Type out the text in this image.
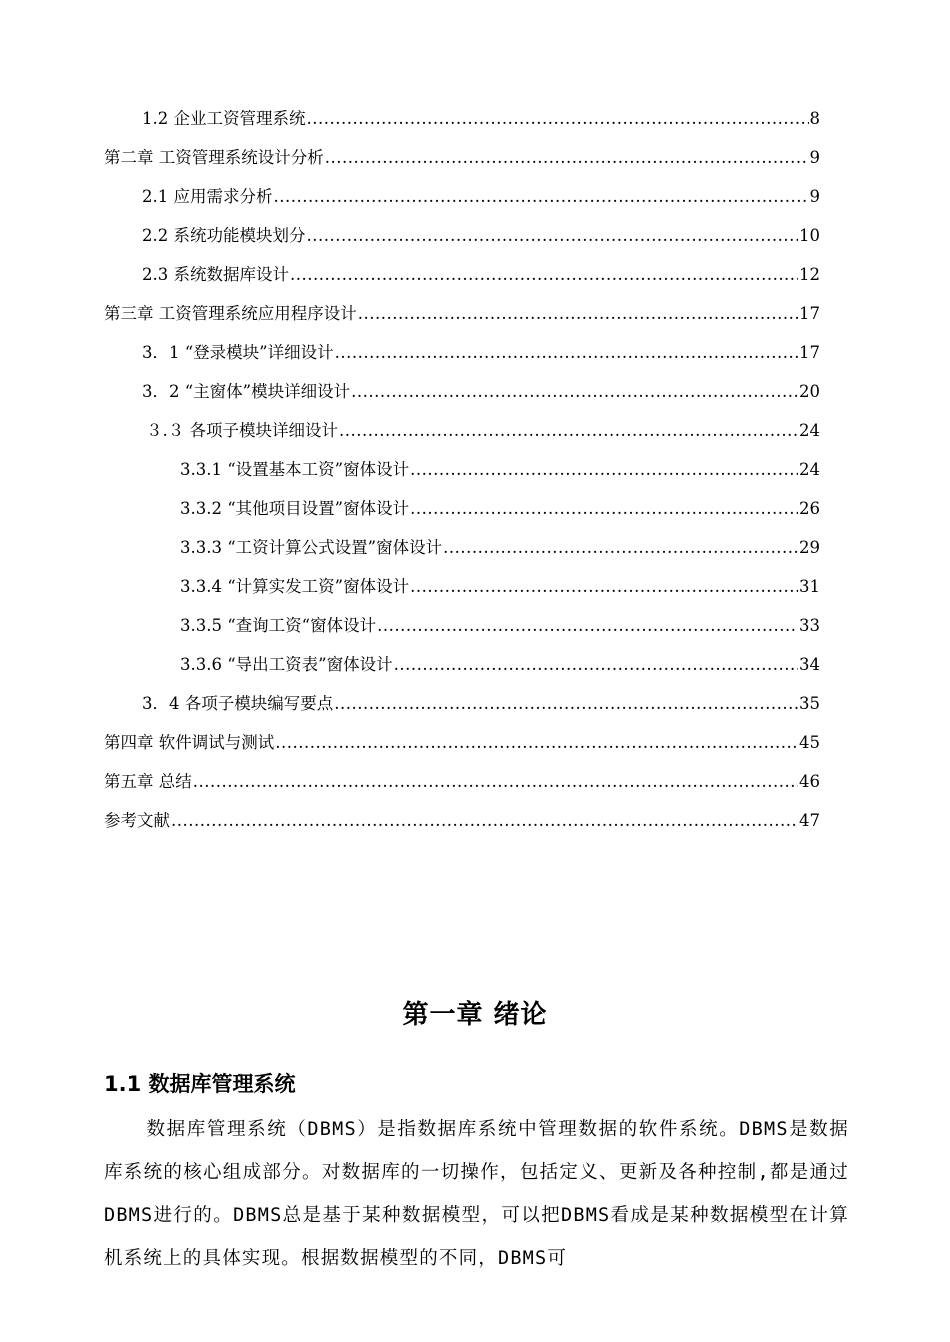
1.2 企业工资管理系统 .....	8
第二章 工资管理系统设计分析 .....	9
2.1 应用需求分析 .....	9
2.2 系统功能模块划分 .....	10
2.3 系统数据库设计 .....	12
第三章 工资管理系统应用程序设计 .....	17
3．1 “登录模块”详细设计 .....	17
3．2 “主窗体”模块详细设计 .....	20
３.３ 各项子模块详细设计 .....	24
3.3.1 “设置基本工资”窗体设计 .....	24
3.3.2 “其他项目设置”窗体设计 .....	26
3.3.3 “工资计算公式设置”窗体设计 .....	29
3.3.4 “计算实发工资”窗体设计 .....	31
3.3.5 “查询工资“窗体设计 .....	33
3.3.6 “导出工资表”窗体设计 .....	34
3．4 各项子模块编写要点 .....	35
第四章 软件调试与测试 .....	45
第五章 总结 .....	46
参考文献 .....	47
第一章 绪论
1.1 数据库管理系统
数据库管理系统（DBMS）是指数据库系统中管理数据的软件系统。DBMS是数据库系统的核心组成部分。对数据库的一切操作，包括定义、更新及各种控制,都是通过DBMS进行的。DBMS总是基于某种数据模型，可以把DBMS看成是某种数据模型在计算机系统上的具体实现。根据数据模型的不同，DBMS可
